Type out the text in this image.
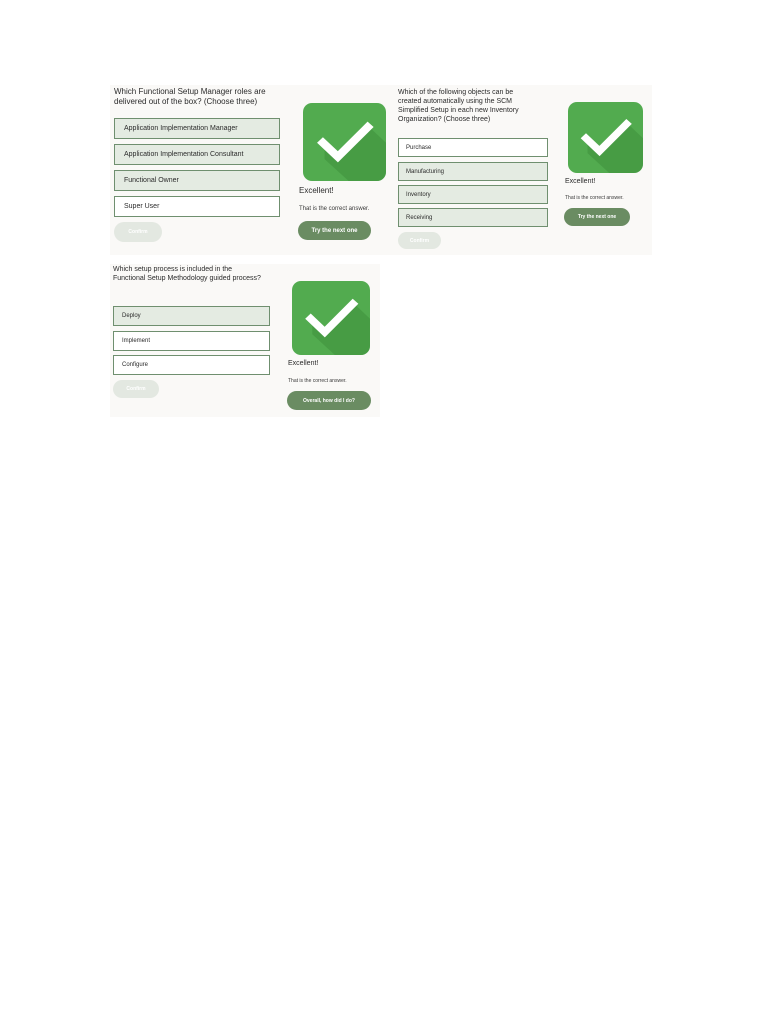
Which Functional Setup Manager roles are delivered out of the box? (Choose three)
Application Implementation Manager
Application Implementation Consultant
Functional Owner
Super User
Confirm
Excellent!
That is the correct answer.
Try the next one
Which of the following objects can be created automatically using the SCM Simplified Setup in each new Inventory Organization? (Choose three)
Purchase
Manufacturing
Inventory
Receiving
Confirm
Excellent!
That is the correct answer.
Try the next one
Which setup process is included in the Functional Setup Methodology guided process?
Deploy
Implement
Configure
Confirm
Excellent!
That is the correct answer.
Overall, how did I do?
